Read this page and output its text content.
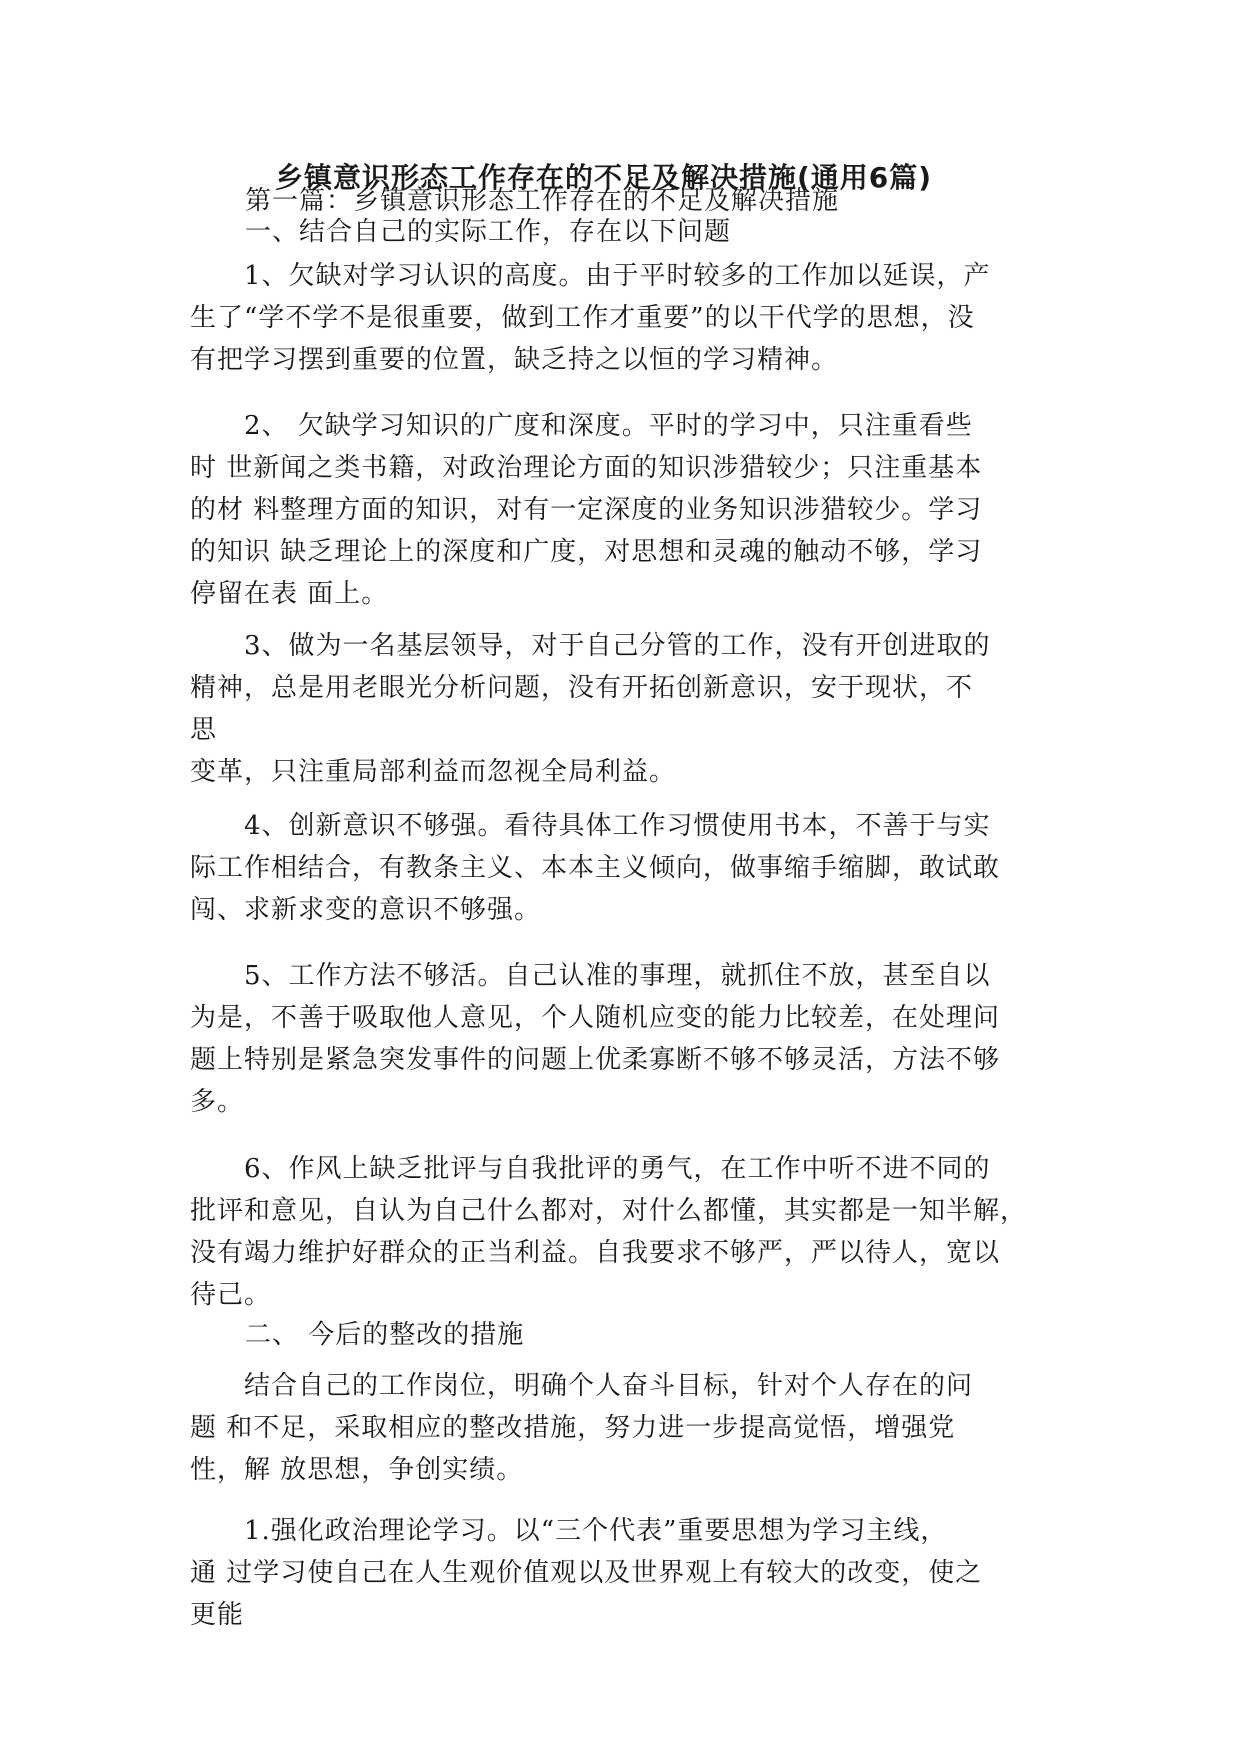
乡镇意识形态工作存在的不足及解决措施(通用6篇)
第一篇：乡镇意识形态工作存在的不足及解决措施
一、结合自己的实际工作，存在以下问题
　　1、欠缺对学习认识的高度。由于平时较多的工作加以延误，产
生了“学不学不是很重要，做到工作才重要”的以干代学的思想，没
有把学习摆到重要的位置，缺乏持之以恒的学习精神。
　　2、 欠缺学习知识的广度和深度。平时的学习中，只注重看些
时 世新闻之类书籍，对政治理论方面的知识涉猎较少；只注重基本
的材 料整理方面的知识，对有一定深度的业务知识涉猎较少。学习
的知识 缺乏理论上的深度和广度，对思想和灵魂的触动不够，学习
停留在表 面上。
　　3、做为一名基层领导，对于自己分管的工作，没有开创进取的
精神，总是用老眼光分析问题，没有开拓创新意识，安于现状，不
思
变革，只注重局部利益而忽视全局利益。
　　4、创新意识不够强。看待具体工作习惯使用书本，不善于与实
际工作相结合，有教条主义、本本主义倾向，做事缩手缩脚，敢试敢
闯、求新求变的意识不够强。
　　5、工作方法不够活。自己认准的事理，就抓住不放，甚至自以
为是，不善于吸取他人意见，个人随机应变的能力比较差，在处理问
题上特别是紧急突发事件的问题上优柔寡断不够不够灵活，方法不够
多。
　　6、作风上缺乏批评与自我批评的勇气，在工作中听不进不同的
批评和意见，自认为自己什么都对，对什么都懂，其实都是一知半解，
没有竭力维护好群众的正当利益。自我要求不够严，严以待人，宽以
待己。
二、 今后的整改的措施
　　结合自己的工作岗位，明确个人奋斗目标，针对个人存在的问
题 和不足，采取相应的整改措施，努力进一步提高觉悟，增强党
性，解 放思想，争创实绩。
　　1.强化政治理论学习。以“三个代表”重要思想为学习主线，
通 过学习使自己在人生观价值观以及世界观上有较大的改变，使之
更能
